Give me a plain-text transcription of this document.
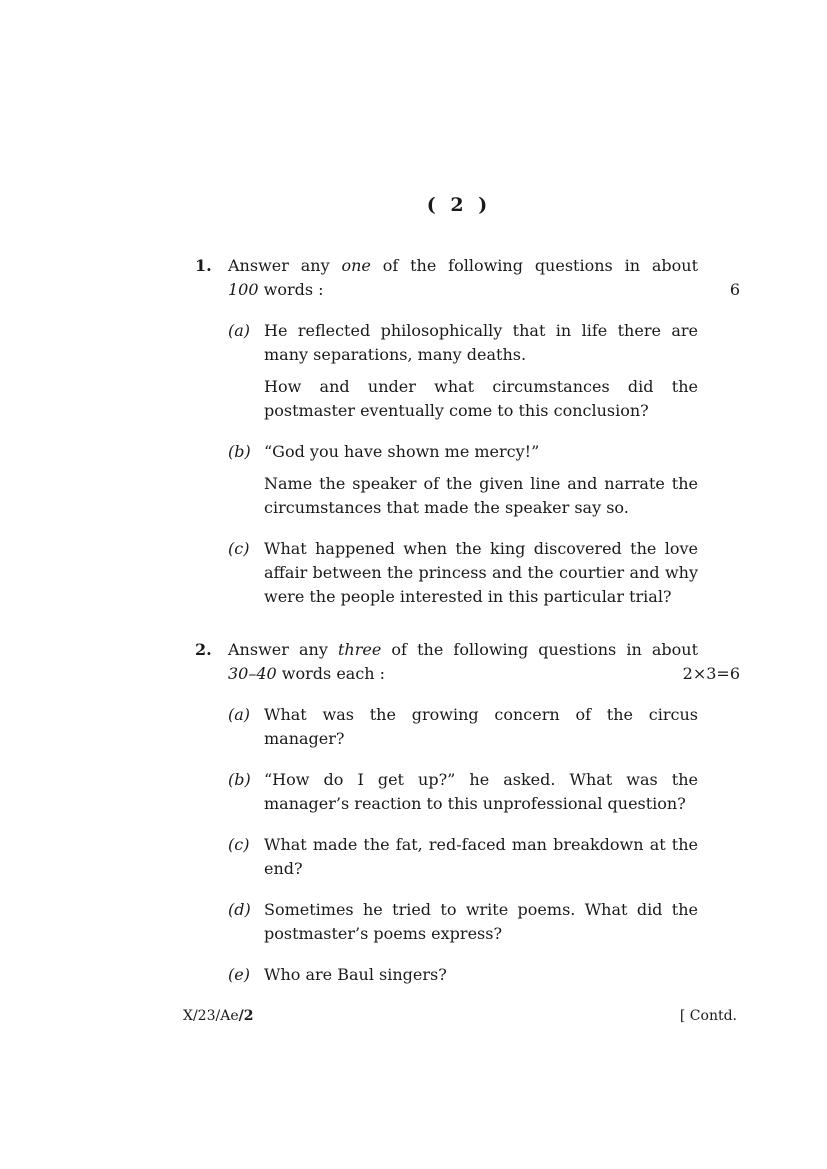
( 2 )
1.	Answer any one of the following questions in about
100 words :	6
(a) He reflected philosophically that in life there are many separations, many deaths.

How and under what circumstances did the postmaster eventually come to this conclusion?

(b) “God you have shown me mercy!”

Name the speaker of the given line and narrate the circumstances that made the speaker say so.

(c) What happened when the king discovered the love affair between the princess and the courtier and why were the people interested in this particular trial?

2.	Answer any three of the following questions in about
30–40 words each :	2×3=6
(a) What was the growing concern of the circus manager?

(b) “How do I get up?” he asked. What was the manager’s reaction to this unprofessional question?

(c) What made the fat, red-faced man breakdown at the end?

(d) Sometimes he tried to write poems. What did the postmaster’s poems express?

(e) Who are Baul singers?

X/23/Ae/2	[ Contd.
